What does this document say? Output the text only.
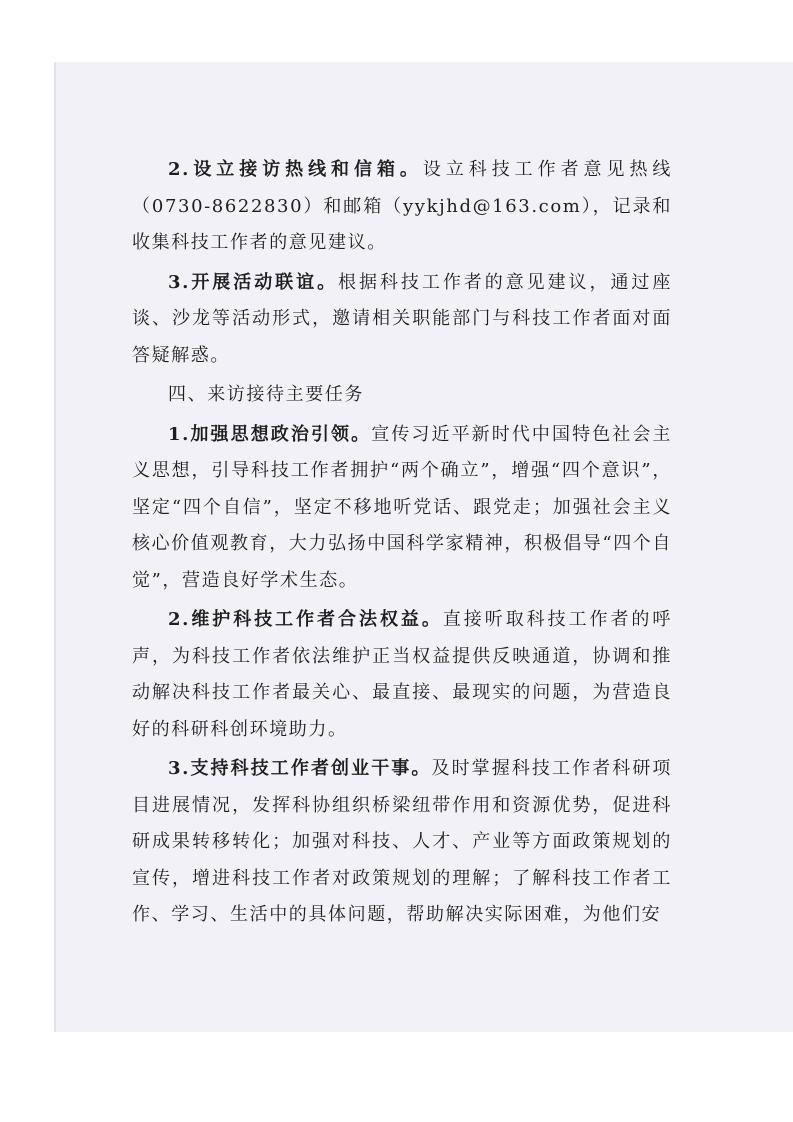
2.设立接访热线和信箱。设立科技工作者意见热线（0730-8622830）和邮箱（yykjhd@163.com），记录和收集科技工作者的意见建议。

3.开展活动联谊。根据科技工作者的意见建议，通过座谈、沙龙等活动形式，邀请相关职能部门与科技工作者面对面答疑解惑。

四、来访接待主要任务

1.加强思想政治引领。宣传习近平新时代中国特色社会主义思想，引导科技工作者拥护“两个确立”，增强“四个意识”，坚定“四个自信”，坚定不移地听党话、跟党走；加强社会主义核心价值观教育，大力弘扬中国科学家精神，积极倡导“四个自觉”，营造良好学术生态。

2.维护科技工作者合法权益。直接听取科技工作者的呼声，为科技工作者依法维护正当权益提供反映通道，协调和推动解决科技工作者最关心、最直接、最现实的问题，为营造良好的科研科创环境助力。

3.支持科技工作者创业干事。及时掌握科技工作者科研项目进展情况，发挥科协组织桥梁纽带作用和资源优势，促进科研成果转移转化；加强对科技、人才、产业等方面政策规划的宣传，增进科技工作者对政策规划的理解；了解科技工作者工作、学习、生活中的具体问题，帮助解决实际困难，为他们安
